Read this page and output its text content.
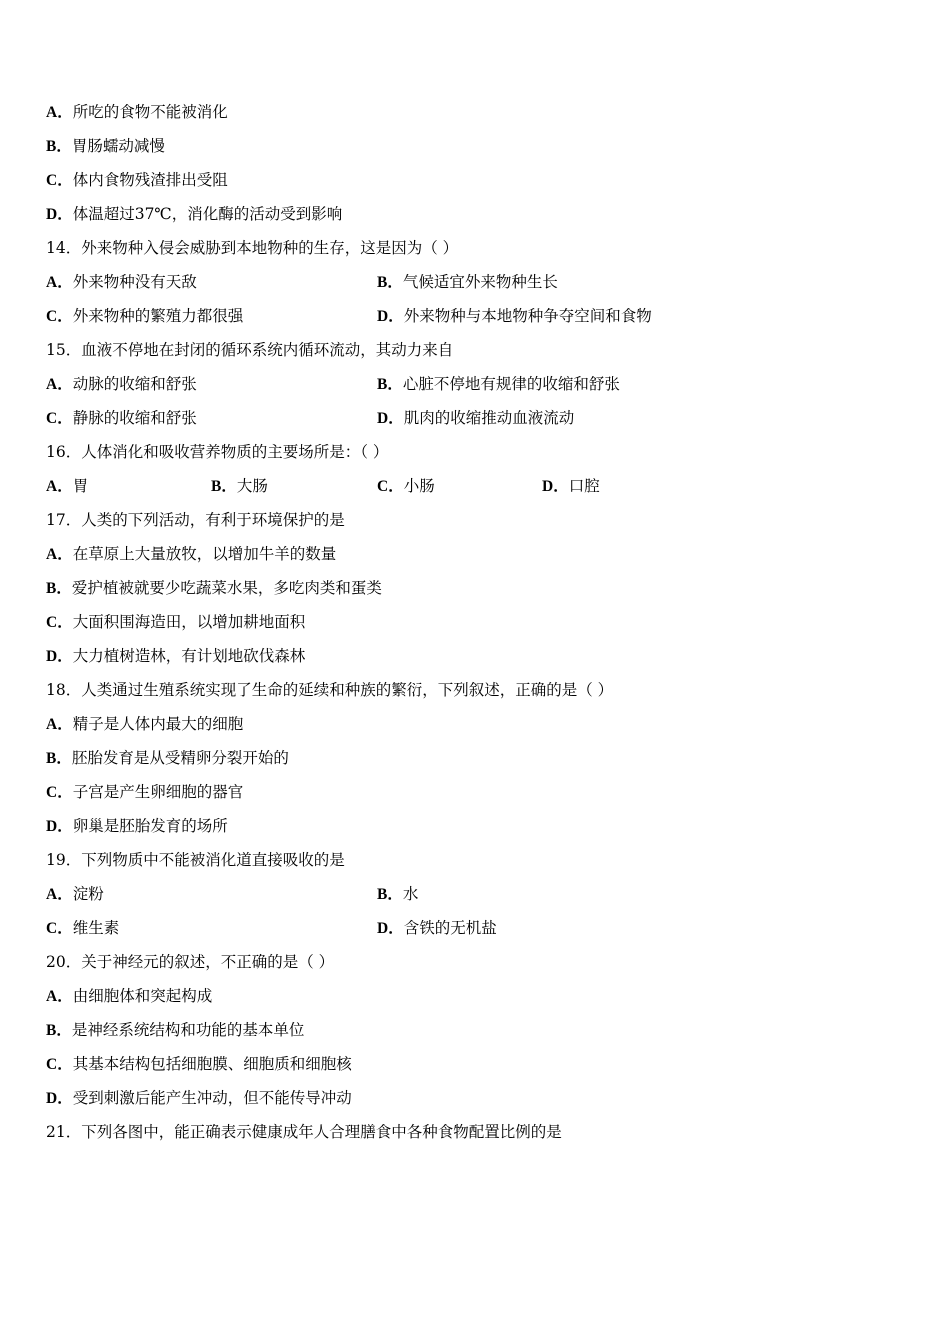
A．所吃的食物不能被消化
B．胃肠蠕动减慢
C．体内食物残渣排出受阻
D．体温超过37℃，消化酶的活动受到影响
14．外来物种入侵会威胁到本地物种的生存，这是因为（ ）
A．外来物种没有天敌	B．气候适宜外来物种生长
C．外来物种的繁殖力都很强	D．外来物种与本地物种争夺空间和食物
15．血液不停地在封闭的循环系统内循环流动，其动力来自
A．动脉的收缩和舒张	B．心脏不停地有规律的收缩和舒张
C．静脉的收缩和舒张	D．肌肉的收缩推动血液流动
16．人体消化和吸收营养物质的主要场所是：（ ）
A．胃	B．大肠	C．小肠	D．口腔
17．人类的下列活动，有利于环境保护的是
A．在草原上大量放牧，以增加牛羊的数量
B．爱护植被就要少吃蔬菜水果，多吃肉类和蛋类
C．大面积围海造田，以增加耕地面积
D．大力植树造林，有计划地砍伐森林
18．人类通过生殖系统实现了生命的延续和种族的繁衍，下列叙述，正确的是（ ）
A．精子是人体内最大的细胞
B．胚胎发育是从受精卵分裂开始的
C．子宫是产生卵细胞的器官
D．卵巢是胚胎发育的场所
19．下列物质中不能被消化道直接吸收的是
A．淀粉	B．水
C．维生素	D．含铁的无机盐
20．关于神经元的叙述，不正确的是（ ）
A．由细胞体和突起构成
B．是神经系统结构和功能的基本单位
C．其基本结构包括细胞膜、细胞质和细胞核
D．受到刺激后能产生冲动，但不能传导冲动
21．下列各图中，能正确表示健康成年人合理膳食中各种食物配置比例的是
